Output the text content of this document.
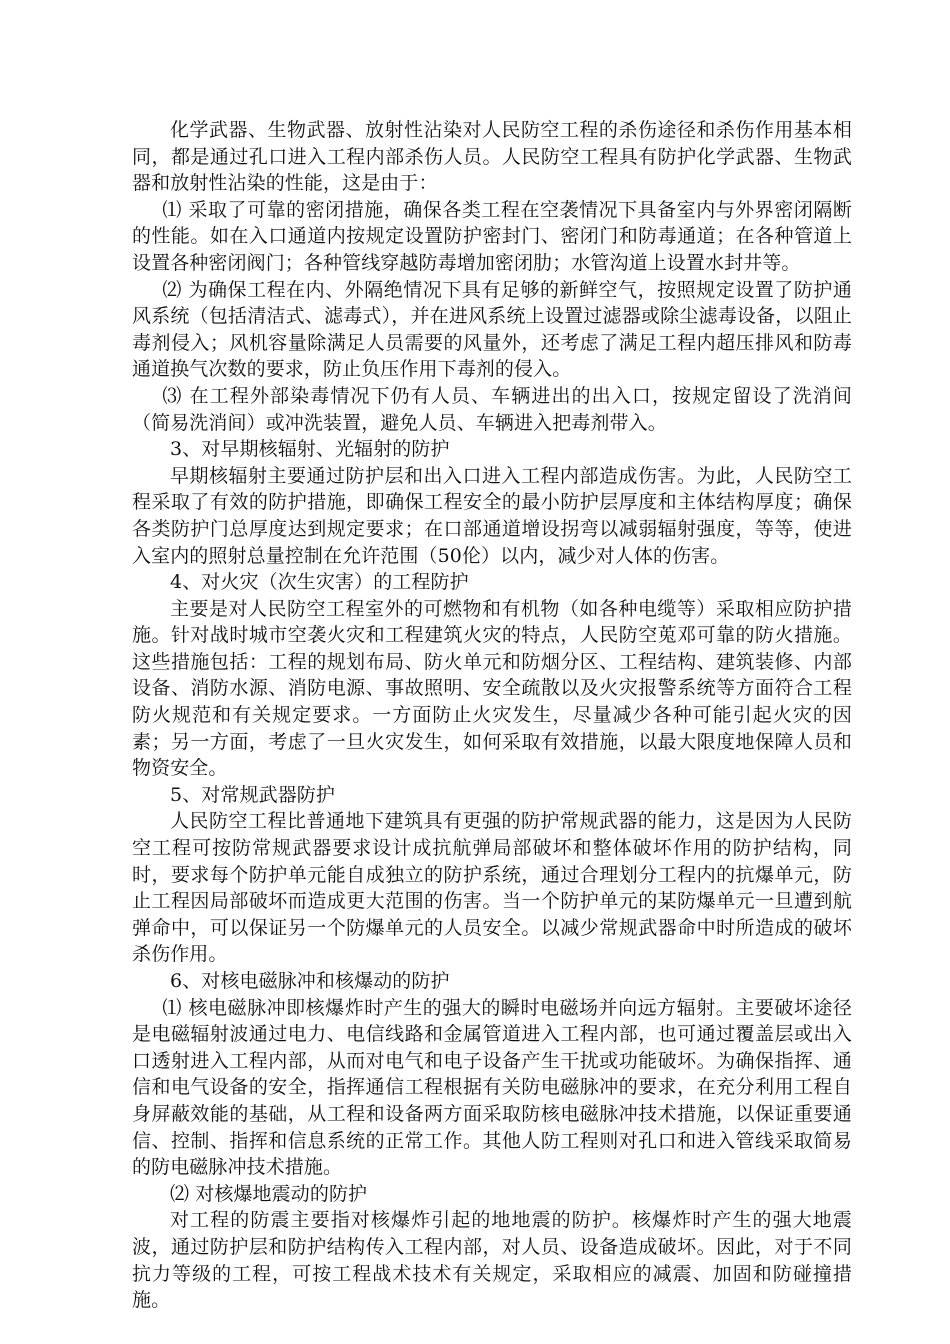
化学武器、生物武器、放射性沾染对人民防空工程的杀伤途径和杀伤作用基本相同，都是通过孔口进入工程内部杀伤人员。人民防空工程具有防护化学武器、生物武器和放射性沾染的性能，这是由于：

⑴ 采取了可靠的密闭措施，确保各类工程在空袭情况下具备室内与外界密闭隔断的性能。如在入口通道内按规定设置防护密封门、密闭门和防毒通道；在各种管道上设置各种密闭阀门；各种管线穿越防毒增加密闭肋；水管沟道上设置水封井等。

⑵ 为确保工程在内、外隔绝情况下具有足够的新鲜空气，按照规定设置了防护通风系统（包括清洁式、滤毒式），并在进风系统上设置过滤器或除尘滤毒设备，以阻止毒剂侵入；风机容量除满足人员需要的风量外，还考虑了满足工程内超压排风和防毒通道换气次数的要求，防止负压作用下毒剂的侵入。

⑶ 在工程外部染毒情况下仍有人员、车辆进出的出入口，按规定留设了洗消间（简易洗消间）或冲洗装置，避免人员、车辆进入把毒剂带入。

3、对早期核辐射、光辐射的防护

早期核辐射主要通过防护层和出入口进入工程内部造成伤害。为此，人民防空工程采取了有效的防护措施，即确保工程安全的最小防护层厚度和主体结构厚度；确保各类防护门总厚度达到规定要求；在口部通道增设拐弯以减弱辐射强度，等等，使进入室内的照射总量控制在允许范围（50伦）以内，减少对人体的伤害。

4、对火灾（次生灾害）的工程防护

主要是对人民防空工程室外的可燃物和有机物（如各种电缆等）采取相应防护措施。针对战时城市空袭火灾和工程建筑火灾的特点，人民防空莵邓可靠的防火措施。这些措施包括：工程的规划布局、防火单元和防烟分区、工程结构、建筑装修、内部设备、消防水源、消防电源、事故照明、安全疏散以及火灾报警系统等方面符合工程防火规范和有关规定要求。一方面防止火灾发生，尽量减少各种可能引起火灾的因素；另一方面，考虑了一旦火灾发生，如何采取有效措施，以最大限度地保障人员和物资安全。

5、对常规武器防护

人民防空工程比普通地下建筑具有更强的防护常规武器的能力，这是因为人民防空工程可按防常规武器要求设计成抗航弹局部破坏和整体破坏作用的防护结构，同时，要求每个防护单元能自成独立的防护系统，通过合理划分工程内的抗爆单元，防止工程因局部破坏而造成更大范围的伤害。当一个防护单元的某防爆单元一旦遭到航弹命中，可以保证另一个防爆单元的人员安全。以减少常规武器命中时所造成的破坏杀伤作用。

6、对核电磁脉冲和核爆动的防护

⑴ 核电磁脉冲即核爆炸时产生的强大的瞬时电磁场并向远方辐射。主要破坏途径是电磁辐射波通过电力、电信线路和金属管道进入工程内部，也可通过覆盖层或出入口透射进入工程内部，从而对电气和电子设备产生干扰或功能破坏。为确保指挥、通信和电气设备的安全，指挥通信工程根据有关防电磁脉冲的要求，在充分利用工程自身屏蔽效能的基础，从工程和设备两方面采取防核电磁脉冲技术措施，以保证重要通信、控制、指挥和信息系统的正常工作。其他人防工程则对孔口和进入管线采取简易的防电磁脉冲技术措施。

⑵ 对核爆地震动的防护

对工程的防震主要指对核爆炸引起的地地震的防护。核爆炸时产生的强大地震波，通过防护层和防护结构传入工程内部，对人员、设备造成破坏。因此，对于不同抗力等级的工程，可按工程战术技术有关规定，采取相应的减震、加固和防碰撞措施。
